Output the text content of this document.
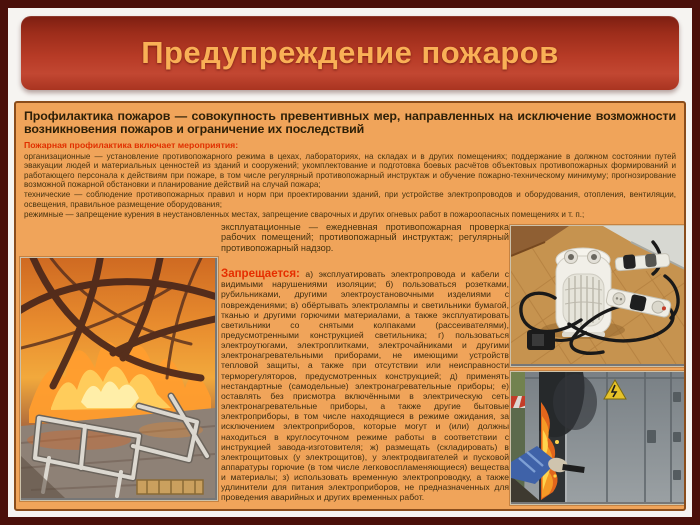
Предупреждение пожаров

Профилактика пожаров — совокупность превентивных мер, направленных на исключение возможности возникновения пожаров и ограничение их последствий

Пожарная профилактика включает мероприятия:

организационные — установление противопожарного режима в цехах, лабораториях, на складах и в других помещениях; поддержание в должном состоянии путей эвакуации людей и материальных ценностей из зданий и сооружений; укомплектование и подготовка боевых расчётов объектовых противопожарных формирований и работающего персонала к действиям при пожаре, в том числе регулярный противопожарный инструктаж и обучение пожарно-техническому минимуму; прогнозирование возможной пожарной обстановки и планирование действий на случай пожара;

технические — соблюдение противопожарных правил и норм при проектировании зданий, при устройстве электропроводов и оборудования, отопления, вентиляции, освещения, правильное размещение оборудования;

режимные — запрещение курения в неустановленных местах, запрещение сварочных и других огневых работ в пожароопасных помещениях и т. п.;

эксплуатационные — ежедневная противопожарная проверка рабочих помещений; противопожарный инструктаж; регулярный противопожарный надзор.

Запрещается: а) эксплуатировать электропровода и кабели с видимыми нарушениями изоляции; б) пользоваться розетками, рубильниками, другими электроустановочными изделиями с повреждениями; в) обёртывать электролампы и светильники бумагой, тканью и другими горючими материалами, а также эксплуатировать светильники со снятыми колпаками (рассеивателями), предусмотренными конструкцией светильника; г) пользоваться электроутюгами, электроплитками, электрочайниками и другими электронагревательными приборами, не имеющими устройств тепловой защиты, а также при отсутствии или неисправности терморегуляторов, предусмотренных конструкцией; д) применять нестандартные (самодельные) электронагревательные приборы; е) оставлять без присмотра включёнными в электрическую сеть электронагревательные приборы, а также другие бытовые электроприборы, в том числе находящиеся в режиме ожидания, за исключением электроприборов, которые могут и (или) должны находиться в круглосуточном режиме работы в соответствии с инструкцией завода-изготовителя; ж) размещать (складировать) в электрощитовых (у электрощитов), у электродвигателей и пусковой аппаратуры горючие (в том числе легковоспламеняющиеся) вещества и материалы; з) использовать временную электропроводку, а также удлинители для питания электроприборов, не предназначенных для проведения аварийных и других временных работ.
